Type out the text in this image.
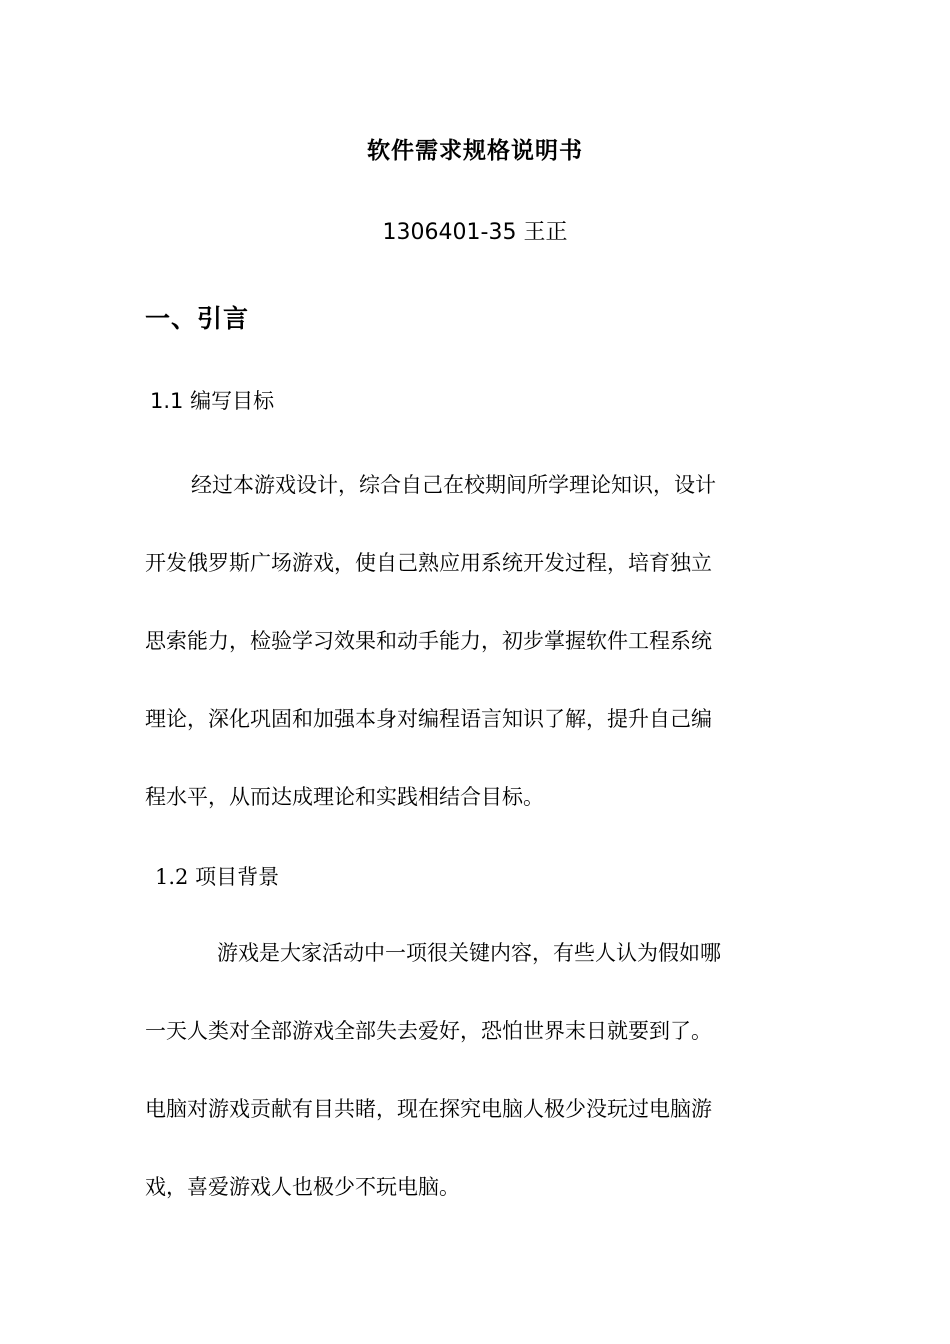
软件需求规格说明书
1306401-35 王正
一、引言
1.1 编写目标
经过本游戏设计，综合自己在校期间所学理论知识，设计
开发俄罗斯广场游戏，使自己熟应用系统开发过程，培育独立
思索能力，检验学习效果和动手能力，初步掌握软件工程系统
理论，深化巩固和加强本身对编程语言知识了解，提升自己编
程水平，从而达成理论和实践相结合目标。
1.2 项目背景
游戏是大家活动中一项很关键内容，有些人认为假如哪
一天人类对全部游戏全部失去爱好，恐怕世界末日就要到了。
电脑对游戏贡献有目共睹，现在探究电脑人极少没玩过电脑游
戏，喜爱游戏人也极少不玩电脑。
